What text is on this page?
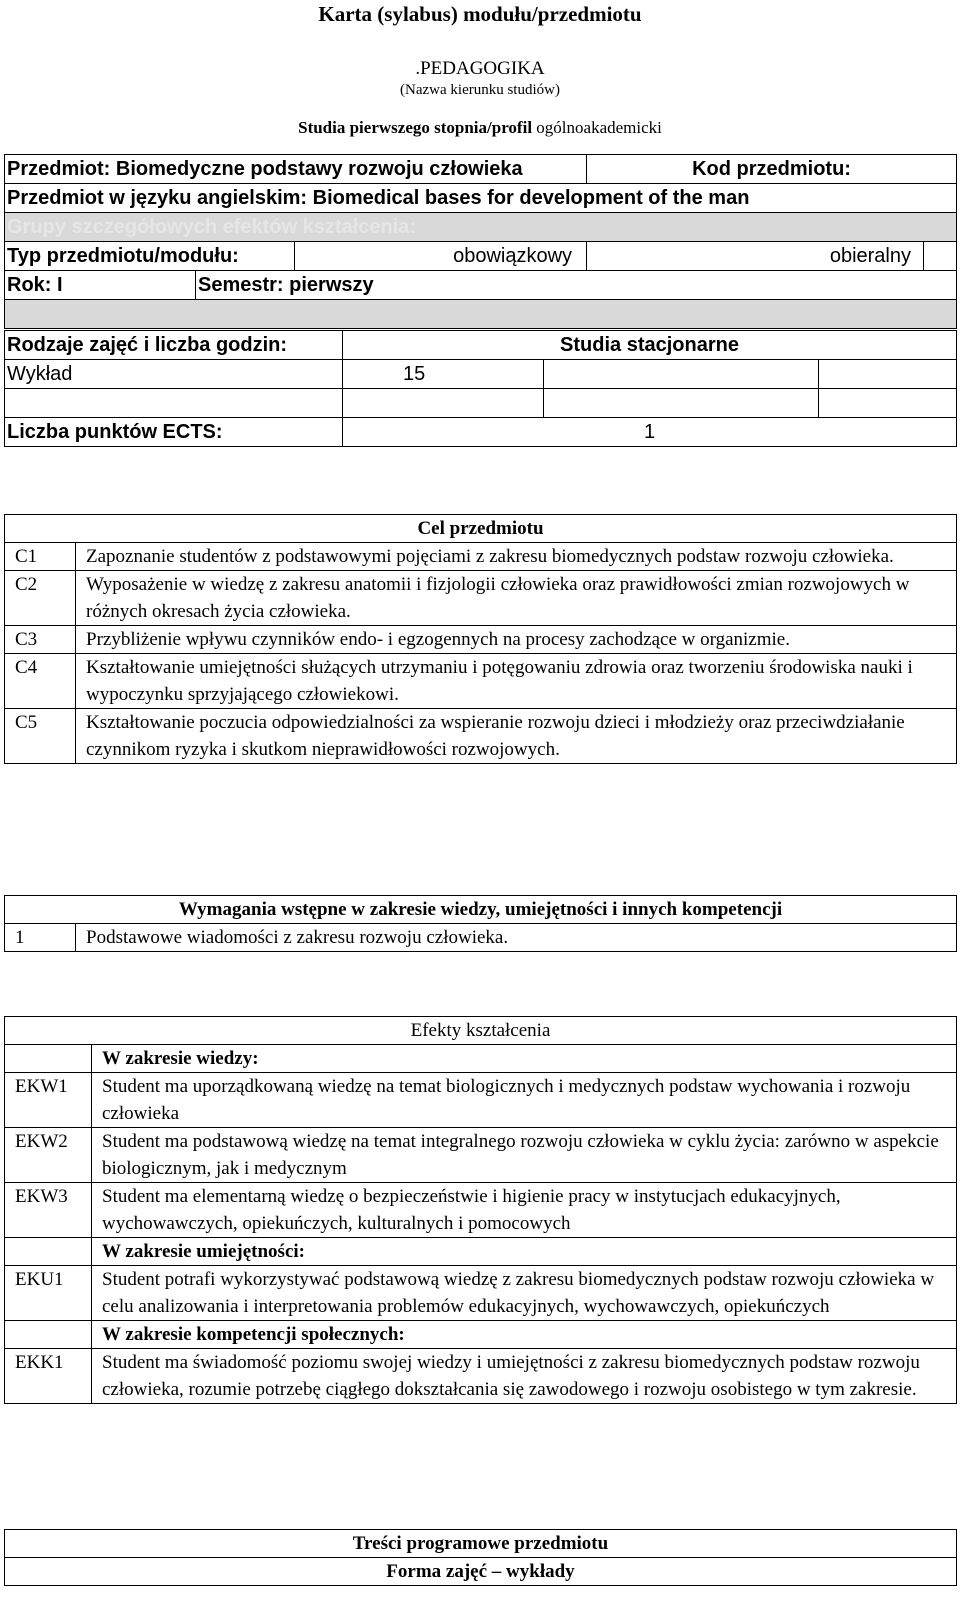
Karta (sylabus) modułu/przedmiotu
.PEDAGOGIKA
(Nazwa kierunku studiów)
Studia pierwszego stopnia/profil ogólnoakademicki
Przedmiot: Biomedyczne podstawy rozwoju człowieka			Kod przedmiotu:	
Przedmiot w języku angielskim: Biomedical bases for development of the man				
Grupy szczegółowych efektów kształcenia:				
Typ przedmiotu/modułu:		obowiązkowy	obieralny	
Rok: I	Semestr: pierwszy			

Rodzaje zajęć i liczba godzin:	Studia stacjonarne		
Wykład	15		

Liczba punktów ECTS:	1		
Cel przedmiotu	
C1	Zapoznanie studentów z podstawowymi pojęciami z zakresu biomedycznych podstaw rozwoju człowieka.
C2	Wyposażenie w wiedzę z zakresu anatomii i fizjologii człowieka oraz prawidłowości zmian rozwojowych w różnych okresach życia człowieka.
C3	Przybliżenie wpływu czynników endo- i egzogennych na procesy zachodzące w organizmie.
C4	Kształtowanie umiejętności służących utrzymaniu i potęgowaniu zdrowia oraz tworzeniu środowiska nauki i wypoczynku sprzyjającego człowiekowi.
C5	Kształtowanie poczucia odpowiedzialności za wspieranie rozwoju dzieci i młodzieży oraz przeciwdziałanie czynnikom ryzyka i skutkom nieprawidłowości rozwojowych.
Wymagania wstępne w zakresie wiedzy, umiejętności i innych kompetencji
1	Podstawowe wiadomości z zakresu rozwoju człowieka.
Efekty kształcenia	
	W zakresie wiedzy:
EKW1	Student ma uporządkowaną wiedzę na temat biologicznych i medycznych podstaw wychowania i rozwoju człowieka
EKW2	Student ma podstawową wiedzę na temat integralnego rozwoju człowieka w cyklu życia: zarówno w aspekcie biologicznym, jak i medycznym
EKW3	Student ma elementarną wiedzę o bezpieczeństwie i higienie pracy w instytucjach edukacyjnych, wychowawczych, opiekuńczych, kulturalnych i pomocowych
	W zakresie umiejętności:
EKU1	Student potrafi wykorzystywać podstawową wiedzę z zakresu biomedycznych podstaw rozwoju człowieka w celu analizowania i interpretowania problemów edukacyjnych, wychowawczych, opiekuńczych
	W zakresie kompetencji społecznych:
EKK1	Student ma świadomość poziomu swojej wiedzy i umiejętności z zakresu biomedycznych podstaw rozwoju człowieka, rozumie potrzebę ciągłego dokształcania się zawodowego i rozwoju osobistego w tym zakresie.
Treści programowe przedmiotu
Forma zajęć – wykłady
